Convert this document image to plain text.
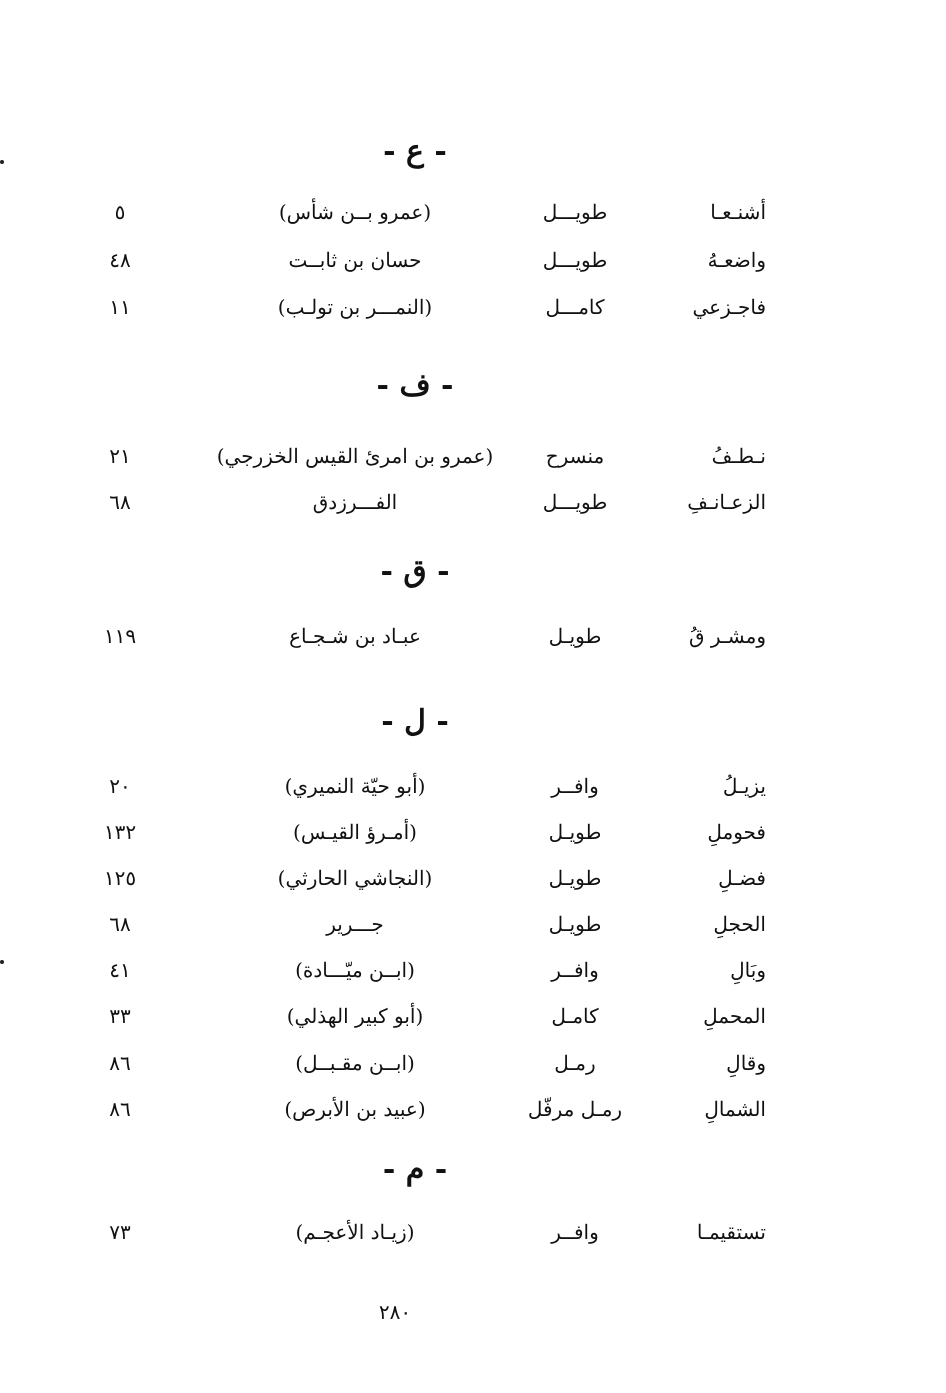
- ع -
أشنـعـا
طويـــل
(عمرو بــن شأس)
٥
واضعـهُ
طويـــل
حسان بن ثابــت
٤٨
فاجـزعي
كامـــل
(النمـــر بن تولـب)
١١
- ف -
نـطـفُ
منسرح
(عمرو بن امرئ القيس الخزرجي)
٢١
الزعـانـفِ
طويـــل
الفـــرزدق
٦٨
- ق -
ومشـر قُ
طويـل
عبـاد بن شـجـاع
١١٩
- ل -
يزيـلُ
وافــر
(أبو حيّة النميري)
٢٠
فحوملِ
طويـل
(أمـرؤ القيـس)
١٣٢
فضـلِ
طويـل
(النجاشي الحارثي)
١٢٥
الحجلِ
طويـل
جـــرير
٦٨
وبَالِ
وافــر
(ابــن ميّـــادة)
٤١
المحملِ
كامـل
(أبو كبير الهذلي)
٣٣
وقالِ
رمـل
(ابــن مقـبــل)
٨٦
الشمالِ
رمـل مرفّل
(عبيد بن الأبرص)
٨٦
- م -
تستقيمـا
وافــر
(زيـاد الأعجـم)
٧٣
٢٨٠
